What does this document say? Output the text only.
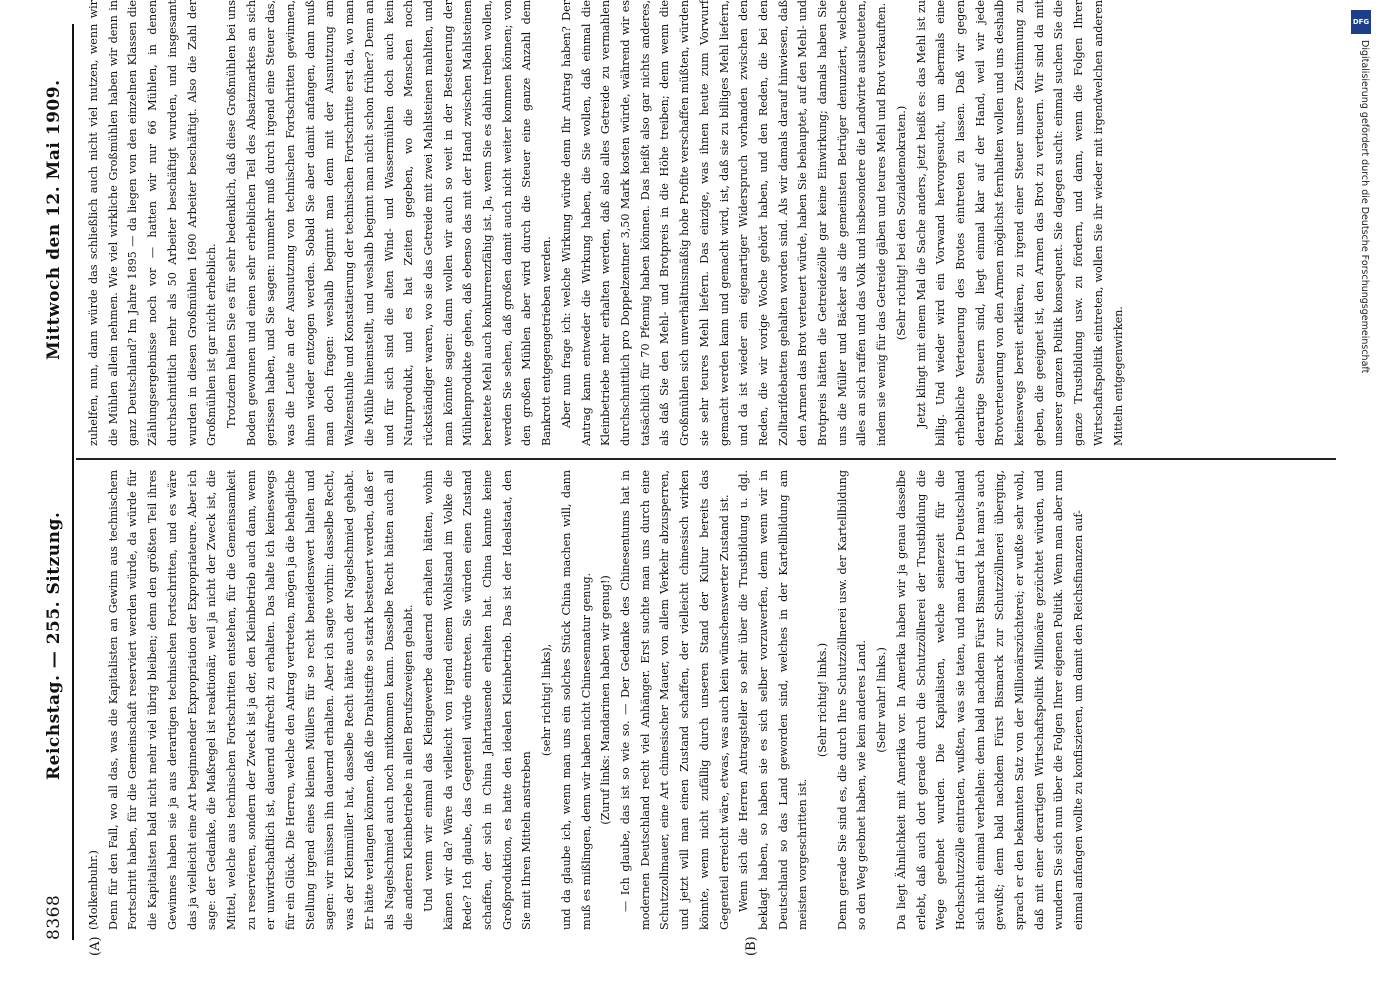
8368
Reichstag. — 255. Sitzung.
Mittwoch den 12. Mai 1909.
(A)	(B)

(Molkenbuhr.) Denn für den Fall, wo all das, was die Kapitalisten an Gewinn aus technischem Fortschritt haben, für die Gemeinschaft reserviert werden würde, da würde für die Kapitalisten bald nicht mehr viel übrig bleiben; denn den größten Teil ihres Gewinnes haben sie ja aus derartigen technischen Fortschritten, und es wäre das ja vielleicht eine Art beginnender Expropriation der Expropriateure. Aber ich sage: der Gedanke, die Maßregel ist reaktionär, weil ja nicht der Zweck ist, die Mittel, welche aus technischen Fortschritten entstehen, für die Gemeinsamkeit zu reservieren, sondern der Zweck ist ja der, den Kleinbetrieb auch dann, wenn er unwirtschaftlich ist, dauernd aufrecht zu erhalten. Das halte ich keineswegs für ein Glück. Die Herren, welche den Antrag vertreten, mögen ja die behagliche Stellung irgend eines kleinen Müllers für so recht beneidenswert halten und sagen: wir müssen ihn dauernd erhalten. Aber ich sagte vorhin: dasselbe Recht, was der Kleinmüller hat, dasselbe Recht hätte auch der Nagelschmied gehabt. Er hätte verlangen können, daß die Drahtstifte so stark besteuert werden, daß er als Nagelschmied auch noch mitkommen kann. Dasselbe Recht hätten auch all die anderen Kleinbetriebe in allen Berufszweigen gehabt. Und wenn wir einmal das Kleingewerbe dauernd erhalten hätten, wohin kämen wir da? Wäre da vielleicht von irgend einem Wohlstand im Volke die Rede? Ich glaube, das Gegenteil würde eintreten. Sie würden einen Zustand schaffen, der sich in China Jahrtausende erhalten hat. China kannte keine Großproduktion, es hatte den idealen Kleinbetrieb. Das ist der Idealstaat, den Sie mit Ihren Mitteln anstreben

(sehr richtig! links), und da glaube ich, wenn man uns ein solches Stück China machen will, dann muß es mißlingen, denn wir haben nicht Chinesennatur genug. (Zuruf links: Mandarinen haben wir genug!) — Ich glaube, das ist so wie so. — Der Gedanke des Chinesentums hat in modernen Deutschland recht viel Anhänger. Erst suchte man uns durch eine Schutzzollmauer, eine Art chinesischer Mauer, von allem Verkehr abzusperren, und jetzt will man einen Zustand schaffen, der vielleicht chinesisch wirken könnte, wenn nicht zufällig durch unseren Stand der Kultur bereits das Gegenteil erreicht wäre, etwas, was auch kein wünschenswerter Zustand ist. Wenn sich die Herren Antragsteller so sehr über die Trustbildung u. dgl. beklagt haben, so haben sie es sich selber vorzuwerfen, denn wenn wir in Deutschland so das Land geworden sind, welches in der Kartellbildung am meisten vorgeschritten ist.

(Sehr richtig! links.) Denn gerade Sie sind es, die durch Ihre Schutzzöllnerei usw. der Kartellbildung so den Weg geebnet haben, wie kein anderes Land. (Sehr wahr! links.) Da liegt Ähnlichkeit mit Amerika vor. In Amerika haben wir ja genau dasselbe erlebt, daß auch dort gerade durch die Schutzzöllnerei der Trustbildung die Wege geebnet wurden. Die Kapitalisten, welche seinerzeit für die Hochschutzzölle eintraten, wußten, was sie taten, und man darf in Deutschland sich nicht einmal verhehlen: denn bald nachdem Fürst Bismarck hat man's auch gewußt; denn bald nachdem Fürst Bismarck zur Schutzzöllnerei überging, sprach er den bekannten Satz von der Millionärszüchterei; er wußte sehr wohl, daß mit einer derartigen Wirtschaftspolitik Millionäre gezüchtet würden, und wundern Sie sich nun über die Folgen Ihrer eigenen Politik. Wenn man aber nun einmal anfangen wollte zu konfiszieren, um damit den Reichsfinanzen auf-

zuhelfen, nun, dann würde das schließlich auch nicht viel nutzen, wenn wir die Mühlen allein nehmen. Wie viel wirkliche Großmühlen haben wir denn in ganz Deutschland? Im Jahre 1895 — da liegen von den einzelnen Klassen die Zählungsergebnisse noch vor — hatten wir nur 66 Mühlen, in denen durchschnittlich mehr als 50 Arbeiter beschäftigt wurden, und insgesamt wurden in diesen Großmühlen 1690 Arbeiter beschäftigt. Also die Zahl der Großmühlen ist gar nicht erheblich. Trotzdem halten Sie es für sehr bedenklich, daß diese Großmühlen bei uns Boden gewonnen und einen sehr erheblichen Teil des Absatzmarktes an sich gerissen haben, und Sie sagen: nunmehr muß durch irgend eine Steuer das, was die Leute an der Ausnutzung von technischen Fortschritten gewinnen, ihnen wieder entzogen werden. Sobald Sie aber damit anfangen, dann muß man doch fragen: weshalb beginnt man denn mit der Ausnutzung am Walzenstuhle und Konstatierung der technischen Fortschritte erst da, wo man die Mühle hineinstellt, und weshalb beginnt man nicht schon früher? Denn an und für sich sind die alten Wind- und Wassermühlen doch auch kein Naturprodukt, und es hat Zeiten gegeben, wo die Menschen noch rückständiger waren, wo sie das Getreide mit zwei Mahlsteinen mahlten, und man könnte sagen: dann wollen wir auch so weit in der Besteuerung der Mühlenprodukte gehen, daß ebenso das mit der Hand zwischen Mahlsteinen bereitete Mehl auch konkurrenzfähig ist. Ja, wenn Sie es dahin treiben wollen, werden Sie sehen, daß großen damit auch nicht weiter kommen können; von den großen Mühlen aber wird durch die Steuer eine ganze Anzahl dem Bankrott entgegengetrieben werden. Aber nun frage ich: welche Wirkung würde denn Ihr Antrag haben? Der Antrag kann entweder die Wirkung haben, die Sie wollen, daß einmal die Kleinbetriebe mehr erhalten werden, daß also alles Getreide zu vermahlen durchschnittlich pro Doppelzentner 3,50 Mark kosten würde, während wir es tatsächlich für 70 Pfennig haben können. Das heißt also gar nichts anderes, als daß Sie den Mehl- und Brotpreis in die Höhe treiben; denn wenn die Großmühlen sich unverhältnismäßig hohe Profite verschaffen müßten, würden sie sehr teures Mehl liefern. Das einzige, was ihnen heute zum Vorwurf gemacht werden kann und gemacht wird, ist, daß sie zu billiges Mehl liefern, und da ist wieder ein eigenartiger Widerspruch vorhanden zwischen den Reden, die wir vorige Woche gehört haben, und den Reden, die bei den Zolltarifdebatten gehalten worden sind. Als wir damals darauf hinwiesen, daß den Armen das Brot verteuert würde, haben Sie behauptet, auf den Mehl- und Brotpreis hätten die Getreidezölle gar keine Einwirkung; damals haben Sie uns die Müller und Bäcker als die gemeinsten Betrüger denunziert, welche alles an sich raffen und das Volk und insbesondere die Landwirte ausbeuteten, indem sie wenig für das Getreide gäben und teures Mehl und Brot verkauften. (Sehr richtig! bei den Sozialdemokraten.) Jetzt klingt mit einem Mal die Sache anders, jetzt heißt es: das Mehl ist zu billig. Und wieder wird ein Vorwand hervorgesucht, um abermals eine erhebliche Verteuerung des Brotes eintreten zu lassen. Daß wir gegen derartige Steuern sind, liegt einmal klar auf der Hand, weil wir jede Brotverteuerung von den Armen möglichst fernhalten wollen und uns deshalb keineswegs bereit erklären, zu irgend einer Steuer unsere Zustimmung zu geben, die geeignet ist, den Armen das Brot zu verteuern. Wir sind da mit unserer ganzen Politik konsequent. Sie dagegen sucht: einmal suchen Sie die ganze Trustbildung usw. zu fördern, und dann, wenn die Folgen Ihrer Wirtschaftspolitik eintreten, wollen Sie ihr wieder mit irgendwelchen anderen Mitteln entgegenwirken.

DFG
Digitalisierung gefördert durch die Deutsche Forschungsgemeinschaft
